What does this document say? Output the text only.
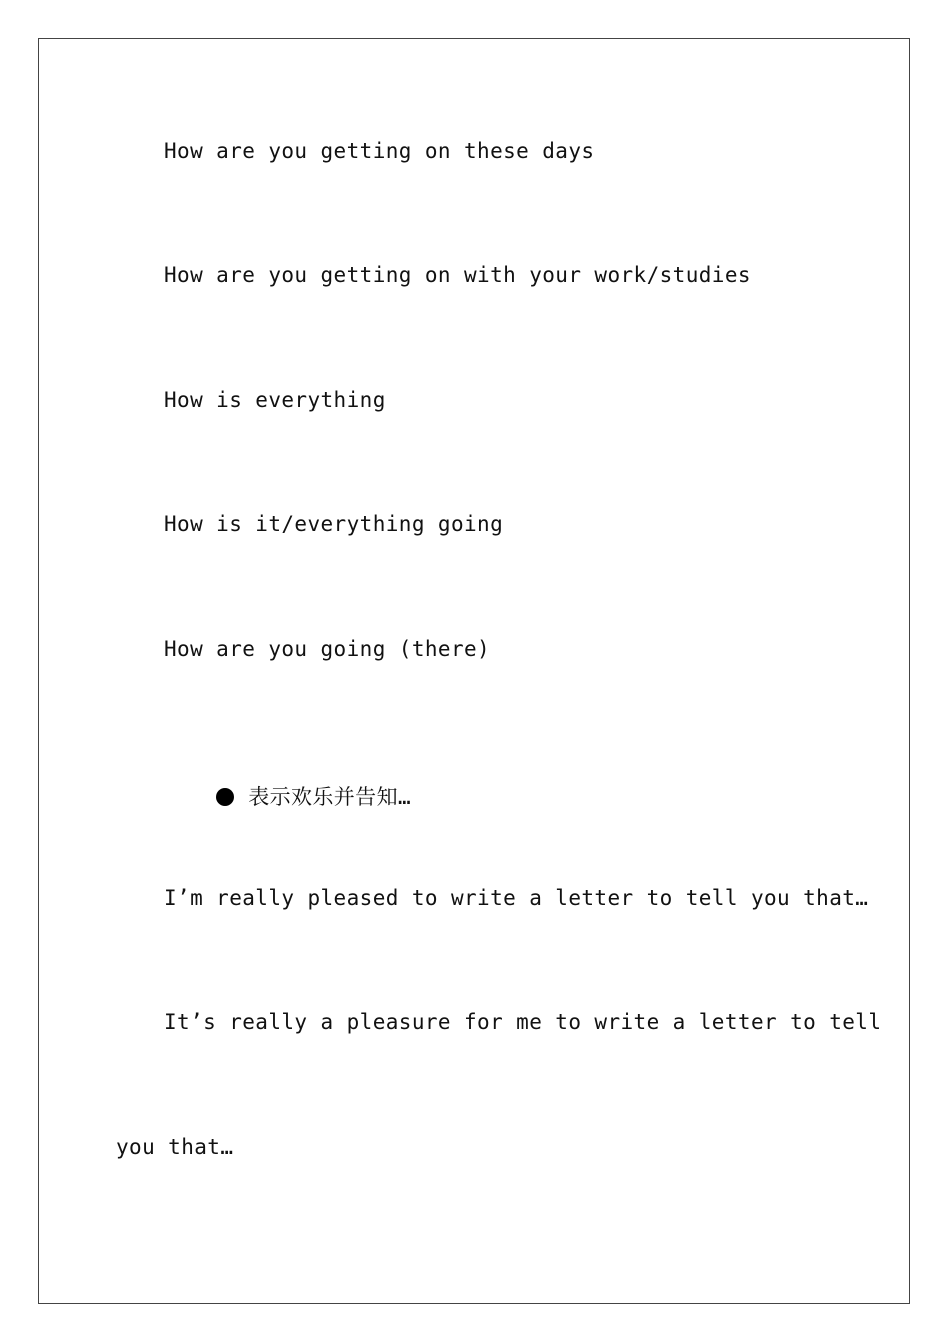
How are you getting on these days
How are you getting on with your work/studies
How is everything
How is it/everything going
How are you going (there)

表示欢乐并告知…

I’m really pleased to write a letter to tell you that…
It’s really a pleasure for me to write a letter to tell
you that…
